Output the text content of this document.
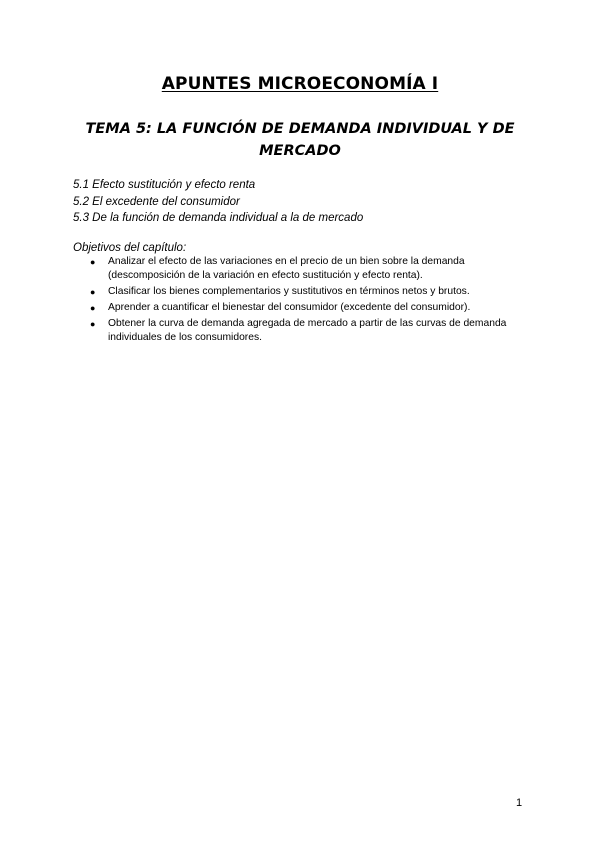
APUNTES MICROECONOMÍA I
TEMA 5: LA FUNCIÓN DE DEMANDA INDIVIDUAL Y DE MERCADO
5.1 Efecto sustitución y efecto renta
5.2 El excedente del consumidor
5.3 De la función de demanda individual a la de mercado
Objetivos del capítulo:
● Analizar el efecto de las variaciones en el precio de un bien sobre la demanda (descomposición de la variación en efecto sustitución y efecto renta).
● Clasificar los bienes complementarios y sustitutivos en términos netos y brutos.
● Aprender a cuantificar el bienestar del consumidor (excedente del consumidor).
● Obtener la curva de demanda agregada de mercado a partir de las curvas de demanda individuales de los consumidores.
1
